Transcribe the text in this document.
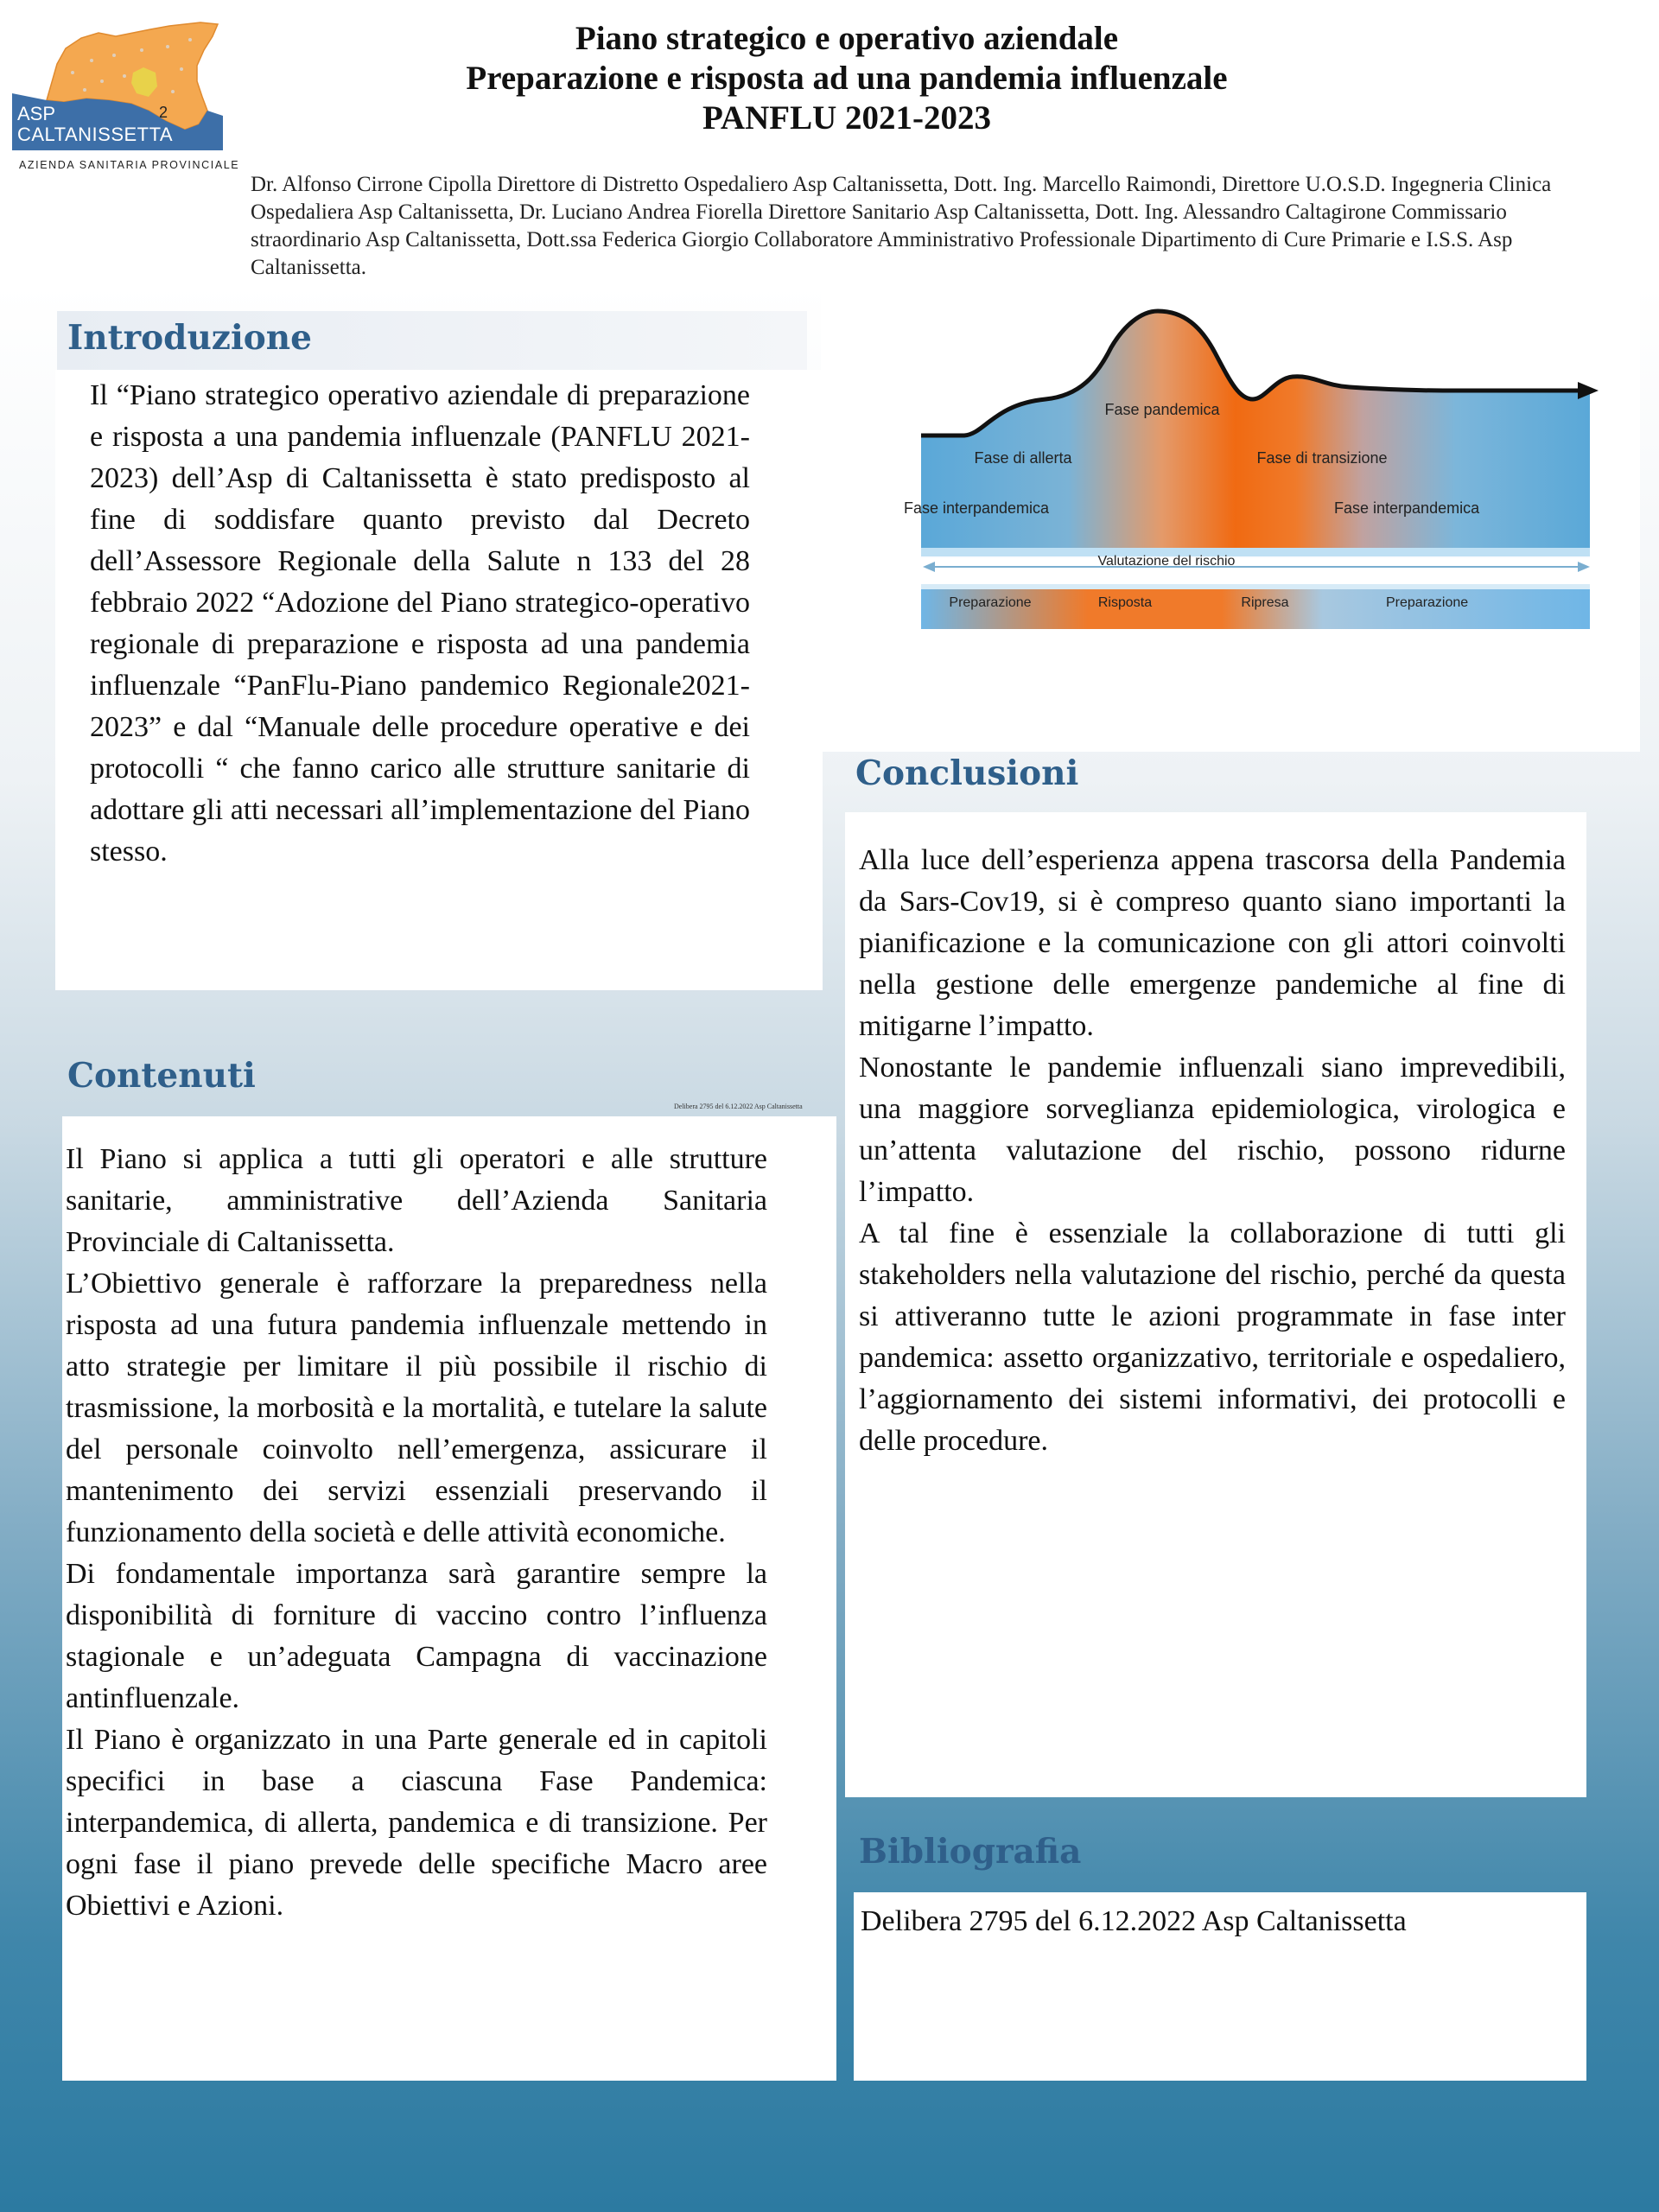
ASP	2
CALTANISSETTA
AZIENDA SANITARIA PROVINCIALE
Piano strategico e operativo aziendale
Preparazione e risposta ad una pandemia influenzale
PANFLU 2021-2023
Dr. Alfonso Cirrone Cipolla Direttore di Distretto Ospedaliero Asp Caltanissetta, Dott. Ing. Marcello Raimondi, Direttore U.O.S.D. Ingegneria Clinica Ospedaliera Asp Caltanissetta, Dr. Luciano Andrea Fiorella Direttore Sanitario Asp Caltanissetta, Dott. Ing. Alessandro Caltagirone Commissario straordinario Asp Caltanissetta, Dott.ssa Federica Giorgio Collaboratore Amministrativo Professionale Dipartimento di Cure Primarie e I.S.S. Asp Caltanissetta.
Introduzione

Il “Piano strategico operativo aziendale di preparazione e risposta a una pandemia influenzale (PANFLU 2021-2023) dell’Asp di Caltanissetta è stato predisposto al fine di soddisfare quanto previsto dal Decreto dell’Assessore Regionale della Salute n 133 del 28 febbraio 2022 “Adozione del Piano strategico-operativo regionale di preparazione e risposta ad una pandemia influenzale “PanFlu-Piano pandemico Regionale2021-2023” e dal “Manuale delle procedure operative e dei protocolli “ che fanno carico alle strutture sanitarie di adottare gli atti necessari all’implementazione del Piano stesso.

Fase pandemica
Fase di allerta	Fase di transizione
Fase interpandemica	Fase interpandemica
Valutazione del rischio
Preparazione	Risposta	Ripresa	Preparazione
Conclusioni

Alla luce dell’esperienza appena trascorsa della Pandemia da Sars-Cov19, si è compreso quanto siano importanti la pianificazione e la comunicazione con gli attori coinvolti nella gestione delle emergenze pandemiche al fine di mitigarne l’impatto.

Nonostante le pandemie influenzali siano imprevedibili, una maggiore sorveglianza epidemiologica, virologica e un’attenta valutazione del rischio, possono ridurne l’impatto.

A tal fine è essenziale la collaborazione di tutti gli stakeholders nella valutazione del rischio, perché da questa si attiveranno tutte le azioni programmate in fase inter pandemica: assetto organizzativo, territoriale e ospedaliero, l’aggiornamento dei sistemi informativi, dei protocolli e delle procedure.

Contenuti
Delibera 2795 del 6.12.2022 Asp Caltanissetta

Il Piano si applica a tutti gli operatori e alle strutture sanitarie, amministrative dell’Azienda Sanitaria Provinciale di Caltanissetta.

L’Obiettivo generale è rafforzare la preparedness nella risposta ad una futura pandemia influenzale mettendo in atto strategie per limitare il più possibile il rischio di trasmissione, la morbosità e la mortalità, e tutelare la salute del personale coinvolto nell’emergenza, assicurare il mantenimento dei servizi essenziali preservando il funzionamento della società e delle attività economiche.

Di fondamentale importanza sarà garantire sempre la disponibilità di forniture di vaccino contro l’influenza stagionale e un’adeguata Campagna di vaccinazione antinfluenzale.

Il Piano è organizzato in una Parte generale ed in capitoli specifici in base a ciascuna Fase Pandemica: interpandemica, di allerta, pandemica e di transizione. Per ogni fase il piano prevede delle specifiche Macro aree Obiettivi e Azioni.

Bibliografia

Delibera 2795 del 6.12.2022 Asp Caltanissetta
